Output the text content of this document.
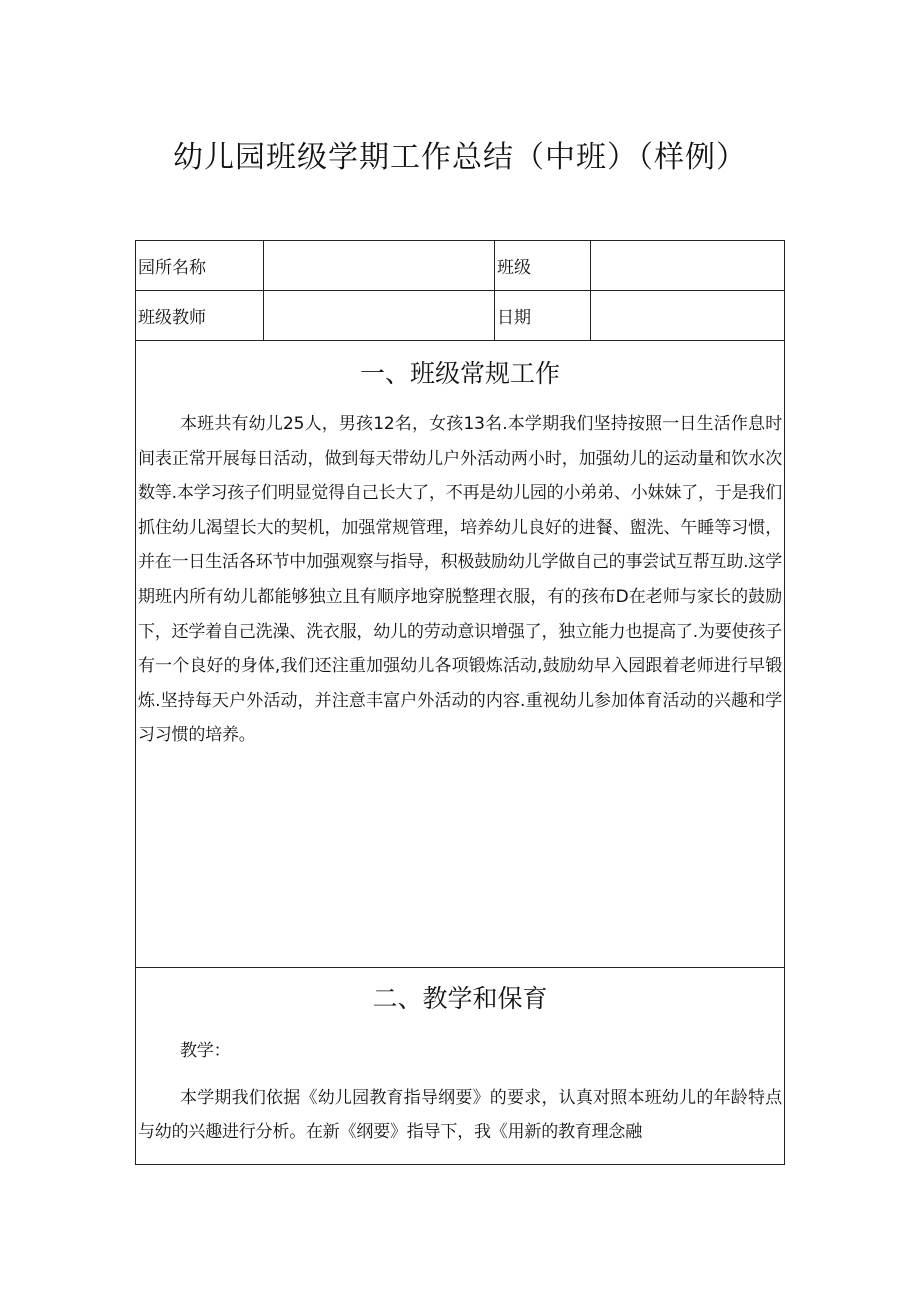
幼儿园班级学期工作总结（中班）（样例）
园所名称	班级
班级教师	日期
一、班级常规工作

本班共有幼儿25人，男孩12名，女孩13名.本学期我们坚持按照一日生活作息时间表正常开展每日活动，做到每天带幼儿户外活动两小时，加强幼儿的运动量和饮水次数等.本学习孩子们明显觉得自己长大了，不再是幼儿园的小弟弟、小妹妹了，于是我们抓住幼儿渴望长大的契机，加强常规管理，培养幼儿良好的进餐、盥洗、午睡等习惯，并在一日生活各环节中加强观察与指导，积极鼓励幼儿学做自己的事尝试互帮互助.这学期班内所有幼儿都能够独立且有顺序地穿脱整理衣服，有的孩布D在老师与家长的鼓励下，还学着自己洗澡、洗衣服，幼儿的劳动意识增强了，独立能力也提高了.为要使孩子有一个良好的身体,我们还注重加强幼儿各项锻炼活动,鼓励幼早入园跟着老师进行早锻炼.坚持每天户外活动，并注意丰富户外活动的内容.重视幼儿参加体育活动的兴趣和学习习惯的培养。

二、教学和保育

教学：

本学期我们依据《幼儿园教育指导纲要》的要求，认真对照本班幼儿的年龄特点与幼的兴趣进行分析。在新《纲要》指导下，我《用新的教育理念融
